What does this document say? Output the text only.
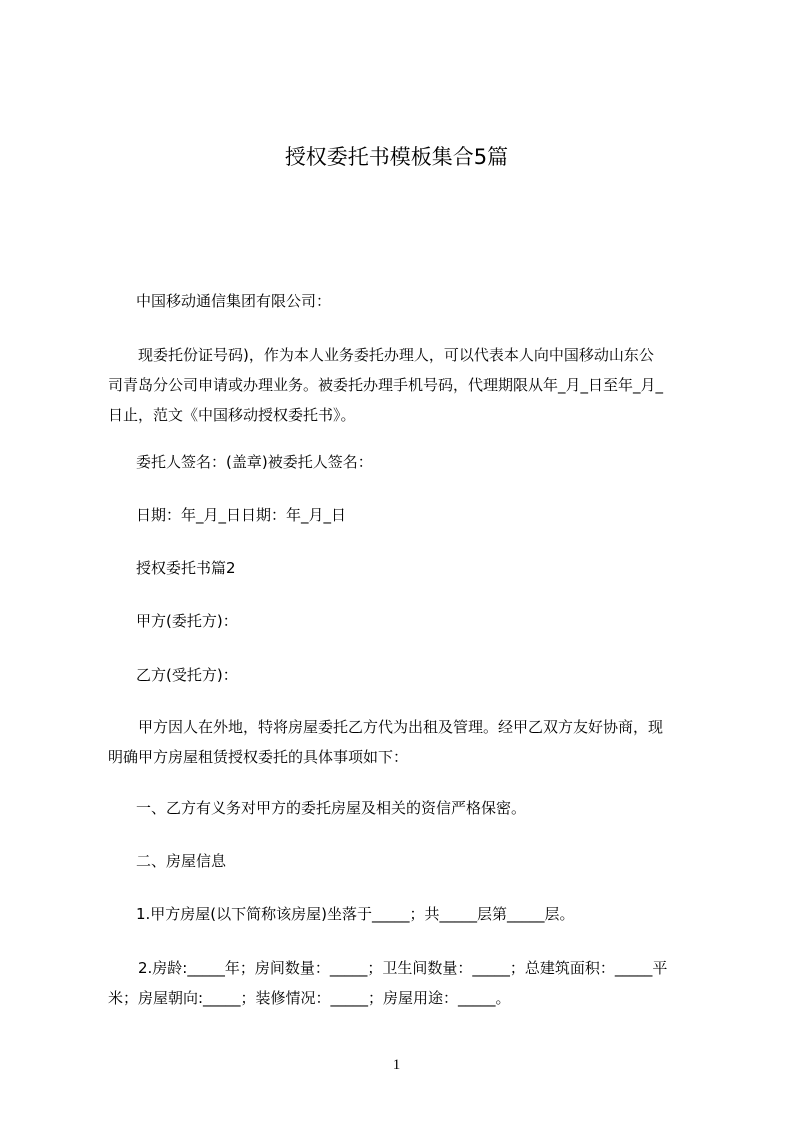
授权委托书模板集合5篇
中国移动通信集团有限公司：
现委托份证号码)，作为本人业务委托办理人，可以代表本人向中国移动山东公
司青岛分公司申请或办理业务。被委托办理手机号码，代理期限从年_月_日至年_月_
日止，范文《中国移动授权委托书》。
委托人签名：(盖章)被委托人签名：
日期：年_月_日日期：年_月_日
授权委托书篇2
甲方(委托方)：
乙方(受托方)：
甲方因人在外地，特将房屋委托乙方代为出租及管理。经甲乙双方友好协商，现
明确甲方房屋租赁授权委托的具体事项如下：
一、乙方有义务对甲方的委托房屋及相关的资信严格保密。
二、房屋信息
1.甲方房屋(以下简称该房屋)坐落于_____；共_____层第_____层。
2.房龄:_____年；房间数量：_____；卫生间数量：_____；总建筑面积：_____平
米；房屋朝向:_____；装修情况：_____；房屋用途：_____。
1
